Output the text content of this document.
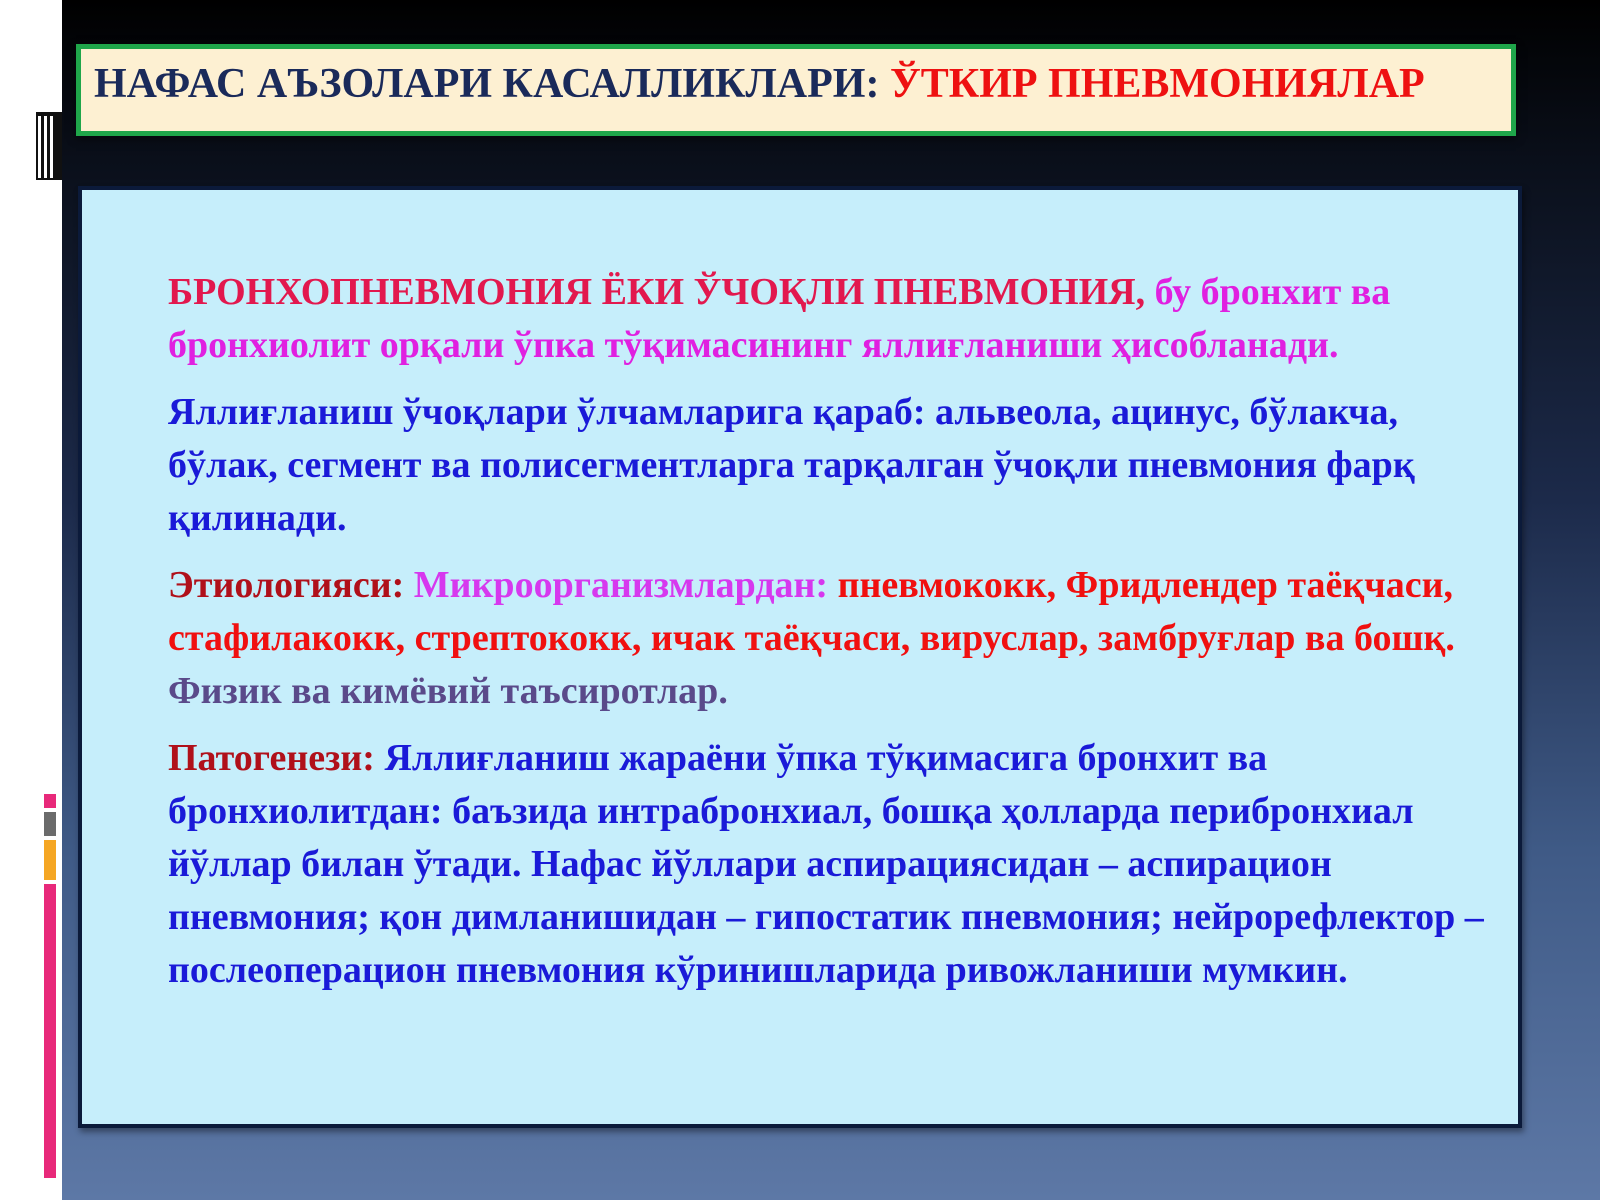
НАФАС АЪЗОЛАРИ КАСАЛЛИКЛАРИ: ЎТКИР ПНЕВМОНИЯЛАР

БРОНХОПНЕВМОНИЯ ЁКИ ЎЧОҚЛИ ПНЕВМОНИЯ, бу бронхит ва бронхиолит орқали ўпка тўқимасининг яллиғланиши ҳисобланади.

Яллиғланиш ўчоқлари ўлчамларига қараб: альвеола, ацинус, бўлакча, бўлак, сегмент ва полисегментларга тарқалган ўчоқли пневмония фарқ қилинади.

Этиологияси: Микроорганизмлардан: пневмококк, Фридлендер таёқчаси, стафилакокк, стрептококк, ичак таёқчаси, вируслар, замбруғлар ва бошқ. Физик ва кимёвий таъсиротлар.

Патогенези: Яллиғланиш жараёни ўпка тўқимасига бронхит ва бронхиолитдан: баъзида интрабронхиал, бошқа ҳолларда перибронхиал йўллар билан ўтади. Нафас йўллари аспирациясидан – аспирацион пневмония; қон димланишидан – гипостатик пневмония; нейрорефлектор – послеоперацион пневмония кўринишларида ривожланиши мумкин.
